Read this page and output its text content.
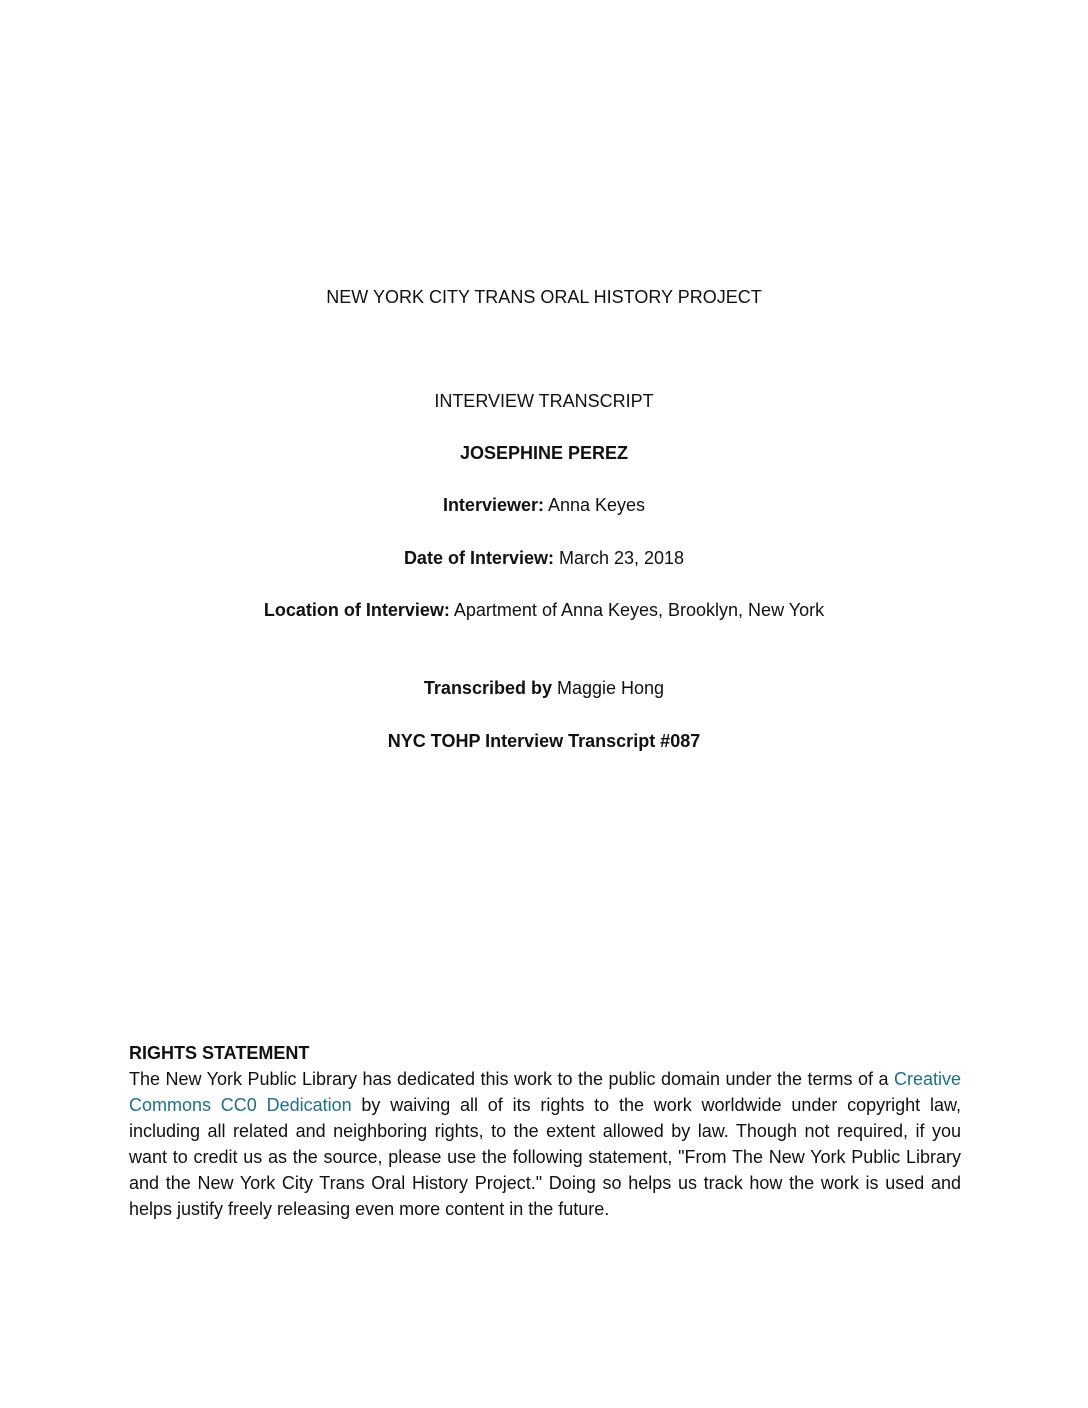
NEW YORK CITY TRANS ORAL HISTORY PROJECT
INTERVIEW TRANSCRIPT
JOSEPHINE PEREZ
Interviewer: Anna Keyes
Date of Interview: March 23, 2018
Location of Interview: Apartment of Anna Keyes, Brooklyn, New York
Transcribed by Maggie Hong
NYC TOHP Interview Transcript #087
RIGHTS STATEMENT
The New York Public Library has dedicated this work to the public domain under the terms of a Creative Commons CC0 Dedication by waiving all of its rights to the work worldwide under copyright law, including all related and neighboring rights, to the extent allowed by law. Though not required, if you want to credit us as the source, please use the following statement, "From The New York Public Library and the New York City Trans Oral History Project." Doing so helps us track how the work is used and helps justify freely releasing even more content in the future.
